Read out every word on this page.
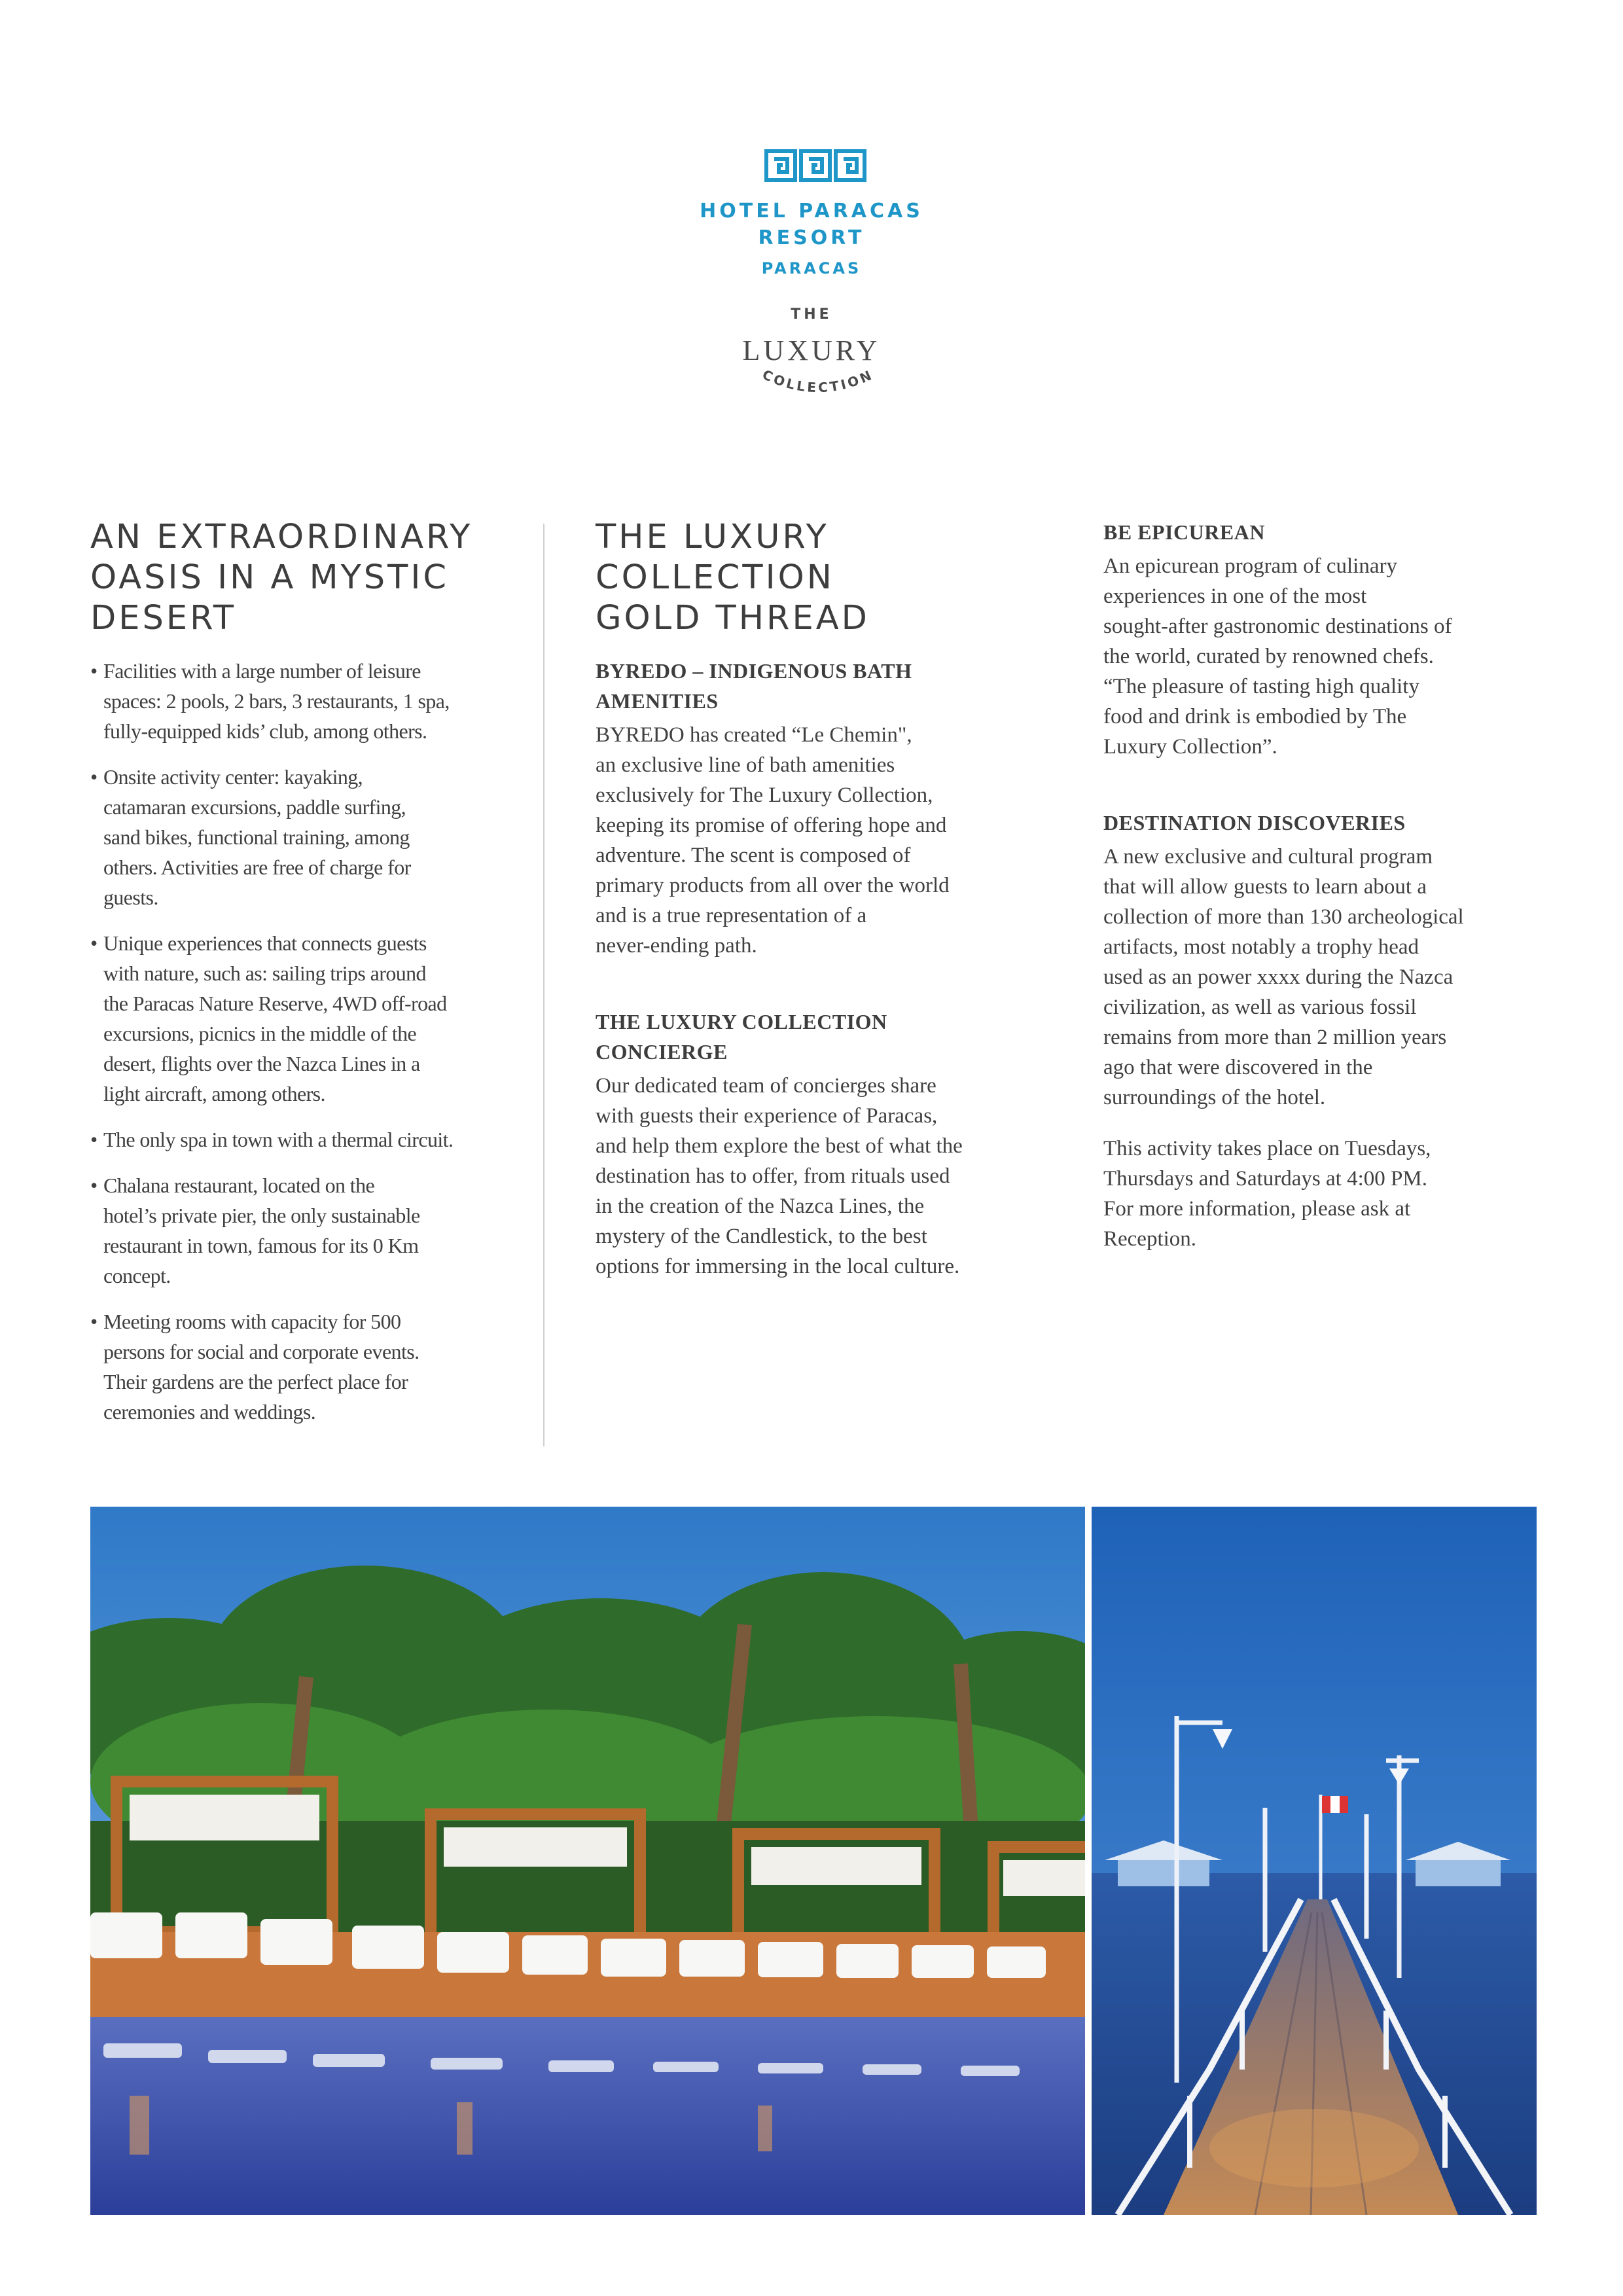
HOTEL PARACAS
RESORT
PARACAS
THE
LUXURY
COLLECTION
AN EXTRAORDINARY
OASIS IN A MYSTIC
DESERT
• Facilities with a large number of leisure
spaces: 2 pools, 2 bars, 3 restaurants, 1 spa,
fully-equipped kids’ club, among others.
• Onsite activity center: kayaking,
catamaran excursions, paddle surfing,
sand bikes, functional training, among
others. Activities are free of charge for
guests.
• Unique experiences that connects guests
with nature, such as: sailing trips around
the Paracas Nature Reserve, 4WD off-road
excursions, picnics in the middle of the
desert, flights over the Nazca Lines in a
light aircraft, among others.
• The only spa in town with a thermal circuit.
• Chalana restaurant, located on the
hotel’s private pier, the only sustainable
restaurant in town, famous for its 0 Km
concept.
• Meeting rooms with capacity for 500
persons for social and corporate events.
Their gardens are the perfect place for
ceremonies and weddings.
THE LUXURY COLLECTION
GOLD THREAD
BYREDO – INDIGENOUS BATH
AMENITIES

BYREDO has created “Le Chemin",
an exclusive line of bath amenities
exclusively for The Luxury Collection,
keeping its promise of offering hope and
adventure. The scent is composed of
primary products from all over the world
and is a true representation of a
never-ending path.

THE LUXURY COLLECTION
CONCIERGE

Our dedicated team of concierges share
with guests their experience of Paracas,
and help them explore the best of what the
destination has to offer, from rituals used
in the creation of the Nazca Lines, the
mystery of the Candlestick, to the best
options for immersing in the local culture.

BE EPICUREAN

An epicurean program of culinary
experiences in one of the most
sought-after gastronomic destinations of
the world, curated by renowned chefs.
“The pleasure of tasting high quality
food and drink is embodied by The
Luxury Collection”.

DESTINATION DISCOVERIES

A new exclusive and cultural program
that will allow guests to learn about a
collection of more than 130 archeological
artifacts, most notably a trophy head
used as an power xxxx during the Nazca
civilization, as well as various fossil
remains from more than 2 million years
ago that were discovered in the
surroundings of the hotel.

This activity takes place on Tuesdays,
Thursdays and Saturdays at 4:00 PM.
For more information, please ask at
Reception.
